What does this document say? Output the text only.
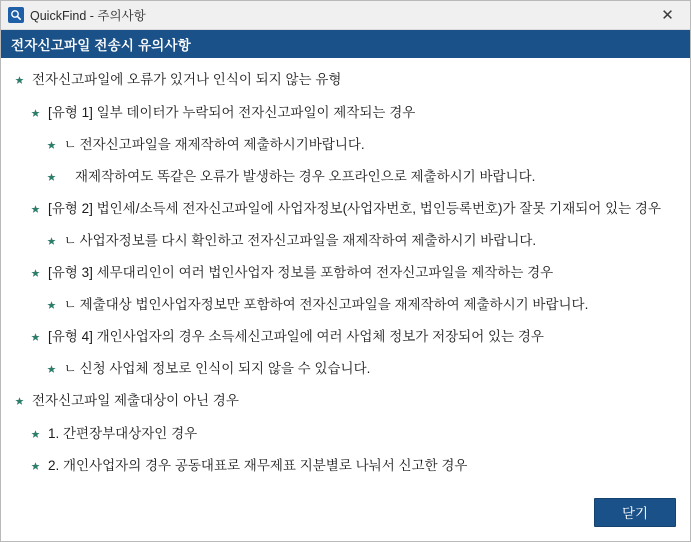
QuickFind - 주의사항	✕
전자신고파일 전송시 유의사항
전자신고파일에 오류가 있거나 인식이 되지 않는 유형
[유형 1] 일부 데이터가 누락되어 전자신고파일이 제작되는 경우
ㄴ 전자신고파일을 재제작하여 제출하시기바랍니다.
재제작하여도 똑같은 오류가 발생하는 경우 오프라인으로 제출하시기 바랍니다.
[유형 2] 법인세/소득세 전자신고파일에 사업자정보(사업자번호, 법인등록번호)가 잘못 기재되어 있는 경우
ㄴ 사업자정보를 다시 확인하고 전자신고파일을 재제작하여 제출하시기 바랍니다.
[유형 3] 세무대리인이 여러 법인사업자 정보를 포함하여 전자신고파일을 제작하는 경우
ㄴ 제출대상 법인사업자정보만 포함하여 전자신고파일을 재제작하여 제출하시기 바랍니다.
[유형 4] 개인사업자의 경우 소득세신고파일에 여러 사업체 정보가 저장되어 있는 경우
ㄴ 신청 사업체 정보로 인식이 되지 않을 수 있습니다.
전자신고파일 제출대상이 아닌 경우
1. 간편장부대상자인 경우
2. 개인사업자의 경우 공동대표로 재무제표 지분별로 나눠서 신고한 경우
닫기
